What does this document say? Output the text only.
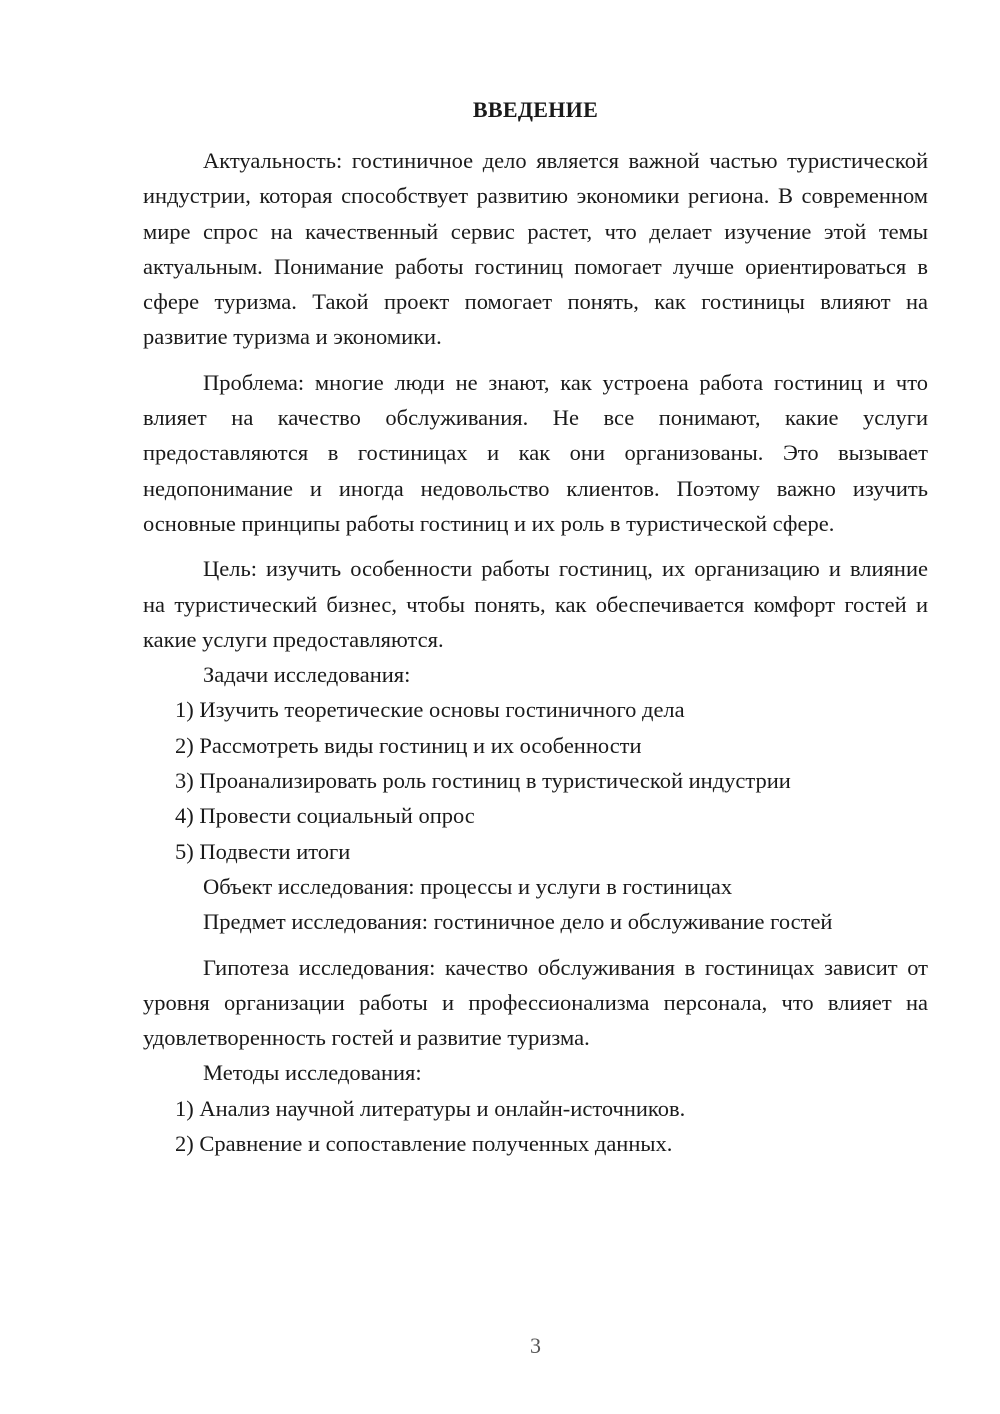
ВВЕДЕНИЕ

Актуальность: гостиничное дело является важной частью туристической индустрии, которая способствует развитию экономики региона. В современном мире спрос на качественный сервис растет, что делает изучение этой темы актуальным. Понимание работы гостиниц помогает лучше ориентироваться в сфере туризма. Такой проект помогает понять, как гостиницы влияют на развитие туризма и экономики.

Проблема: многие люди не знают, как устроена работа гостиниц и что влияет на качество обслуживания. Не все понимают, какие услуги предоставляются в гостиницах и как они организованы. Это вызывает недопонимание и иногда недовольство клиентов. Поэтому важно изучить основные принципы работы гостиниц и их роль в туристической сфере.

Цель: изучить особенности работы гостиниц, их организацию и влияние на туристический бизнес, чтобы понять, как обеспечивается комфорт гостей и какие услуги предоставляются.

Задачи исследования:

1) Изучить теоретические основы гостиничного дела

2) Рассмотреть виды гостиниц и их особенности

3) Проанализировать роль гостиниц в туристической индустрии

4) Провести социальный опрос

5) Подвести итоги

Объект исследования: процессы и услуги в гостиницах

Предмет исследования: гостиничное дело и обслуживание гостей

Гипотеза исследования: качество обслуживания в гостиницах зависит от уровня организации работы и профессионализма персонала, что влияет на удовлетворенность гостей и развитие туризма.

Методы исследования:

1) Анализ научной литературы и онлайн-источников.

2) Сравнение и сопоставление полученных данных.

3
